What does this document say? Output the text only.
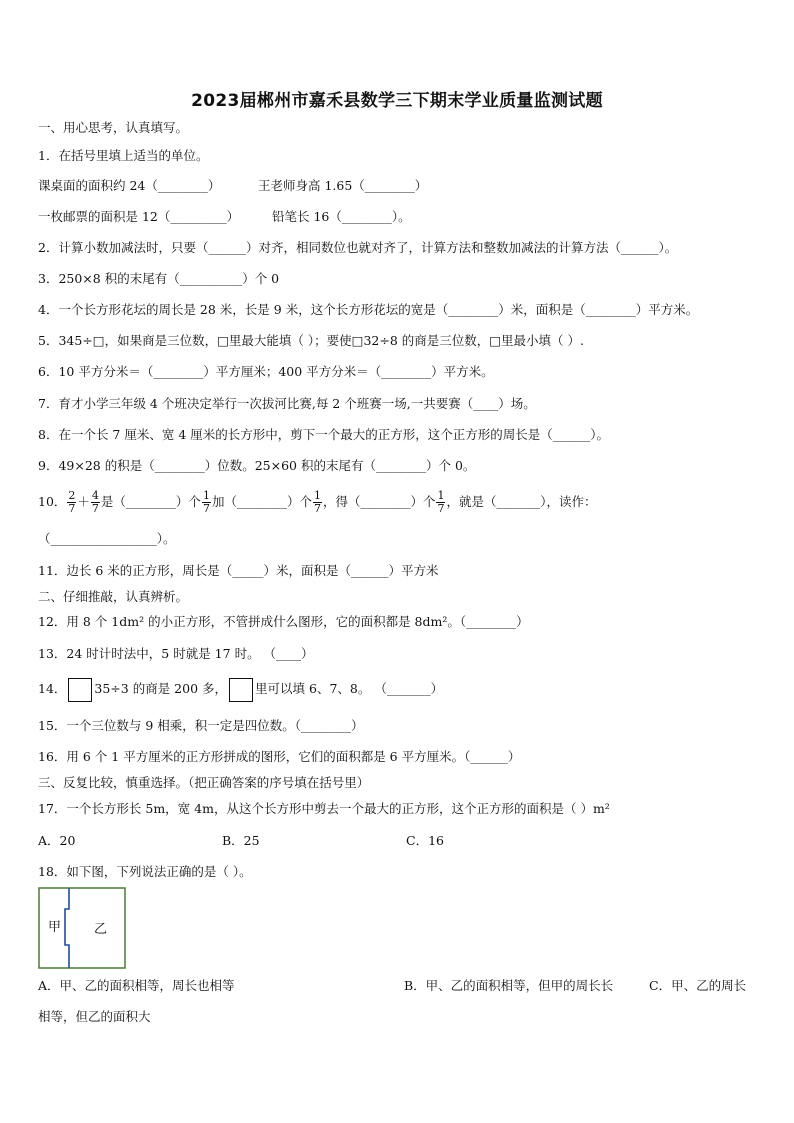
2023届郴州市嘉禾县数学三下期末学业质量监测试题
一、用心思考，认真填写。
1．在括号里填上适当的单位。
课桌面的面积约 24（________）	王老师身高 1.65（________）
一枚邮票的面积是 12（_________）	铅笔长 16（________）。
2．计算小数加减法时，只要（______）对齐，相同数位也就对齐了，计算方法和整数加减法的计算方法（______）。
3．250×8 积的末尾有（__________）个 0
4．一个长方形花坛的周长是 28 米，长是 9 米，这个长方形花坛的宽是（________）米，面积是（________）平方米。
5．345÷□，如果商是三位数，□里最大能填（ ）；要使□32÷8 的商是三位数，□里最小填（ ）.
6．10 平方分米＝（________）平方厘米；400 平方分米＝（________）平方米。
7．育才小学三年级 4 个班决定举行一次拔河比赛,每 2 个班赛一场,一共要赛（____）场。
8．在一个长 7 厘米、宽 4 厘米的长方形中，剪下一个最大的正方形，这个正方形的周长是（______）。
9．49×28 的积是（________）位数。25×60 积的末尾有（________）个 0。
10． $\frac{2}{7} + \frac{4}{7}$ 是（________）个 $\frac{1}{7}$ 加（________）个 $\frac{1}{7}$ ，得（________）个 $\frac{1}{7}$ ，就是（_______），读作：
（_________________）。
11．边长 6 米的正方形，周长是（_____）米，面积是（______）平方米
二、仔细推敲，认真辨析。
12．用 8 个 1dm² 的小正方形，不管拼成什么图形，它的面积都是 8dm²。（________）
13．24 时计时法中，5 时就是 17 时。 （____）
14． 35÷3 的商是 200 多， 里可以填 6、7、8。 （_______）
15．一个三位数与 9 相乘，积一定是四位数。（________）
16．用 6 个 1 平方厘米的正方形拼成的图形，它们的面积都是 6 平方厘米。（______）
三、反复比较，慎重选择。（把正确答案的序号填在括号里）
17．一个长方形长 5m，宽 4m，从这个长方形中剪去一个最大的正方形，这个正方形的面积是（ ）m²
A．20	B．25	C．16
18．如下图，下列说法正确的是（ ）。
甲	乙
A．甲、乙的面积相等，周长也相等	B．甲、乙的面积相等，但甲的周长长	C．甲、乙的周长
相等，但乙的面积大
